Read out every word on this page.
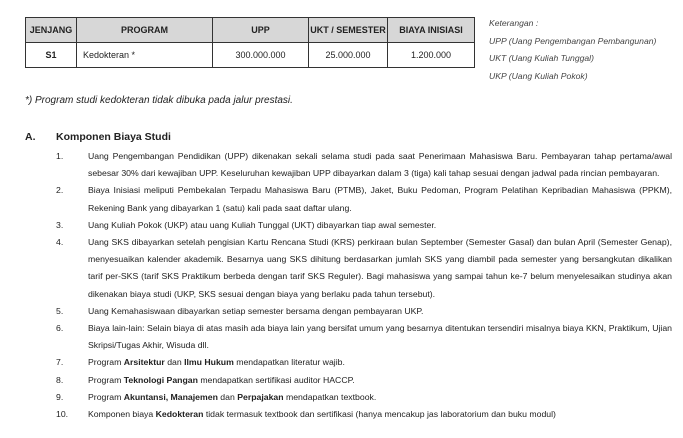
JENJANG	PROGRAM	UPP	UKT / SEMESTER	BIAYA INISIASI
S1	Kedokteran *	300.000.000	25.000.000	1.200.000
Keterangan :
UPP (Uang Pengembangan Pembangunan)
UKT (Uang Kuliah Tunggal)
UKP (Uang Kuliah Pokok)
*) Program studi kedokteran tidak dibuka pada jalur prestasi.
A. Komponen Biaya Studi
1.	Uang Pengembangan Pendidikan (UPP) dikenakan sekali selama studi pada saat Penerimaan Mahasiswa Baru. Pembayaran tahap pertama/awal sebesar 30% dari kewajiban UPP. Keseluruhan kewajiban UPP dibayarkan dalam 3 (tiga) kali tahap sesuai dengan jadwal pada rincian pembayaran.
2.	Biaya Inisiasi meliputi Pembekalan Terpadu Mahasiswa Baru (PTMB), Jaket, Buku Pedoman, Program Pelatihan Kepribadian Mahasiswa (PPKM), Rekening Bank yang dibayarkan 1 (satu) kali pada saat daftar ulang.
3.	Uang Kuliah Pokok (UKP) atau uang Kuliah Tunggal (UKT) dibayarkan tiap awal semester.
4.	Uang SKS dibayarkan setelah pengisian Kartu Rencana Studi (KRS) perkiraan bulan September (Semester Gasal) dan bulan April (Semester Genap), menyesuaikan kalender akademik. Besarnya uang SKS dihitung berdasarkan jumlah SKS yang diambil pada semester yang bersangkutan dikalikan tarif per-SKS (tarif SKS Praktikum berbeda dengan tarif SKS Reguler). Bagi mahasiswa yang sampai tahun ke-7 belum menyelesaikan studinya akan dikenakan biaya studi (UKP, SKS sesuai dengan biaya yang berlaku pada tahun tersebut).
5.	Uang Kemahasiswaan dibayarkan setiap semester bersama dengan pembayaran UKP.
6.	Biaya lain-lain: Selain biaya di atas masih ada biaya lain yang bersifat umum yang besarnya ditentukan tersendiri misalnya biaya KKN, Praktikum, Ujian Skripsi/Tugas Akhir, Wisuda dll.
7.	Program Arsitektur dan Ilmu Hukum mendapatkan literatur wajib.
8.	Program Teknologi Pangan mendapatkan sertifikasi auditor HACCP.
9.	Program Akuntansi, Manajemen dan Perpajakan mendapatkan textbook.
10. Komponen biaya Kedokteran tidak termasuk textbook dan sertifikasi (hanya mencakup jas laboratorium dan buku modul)
